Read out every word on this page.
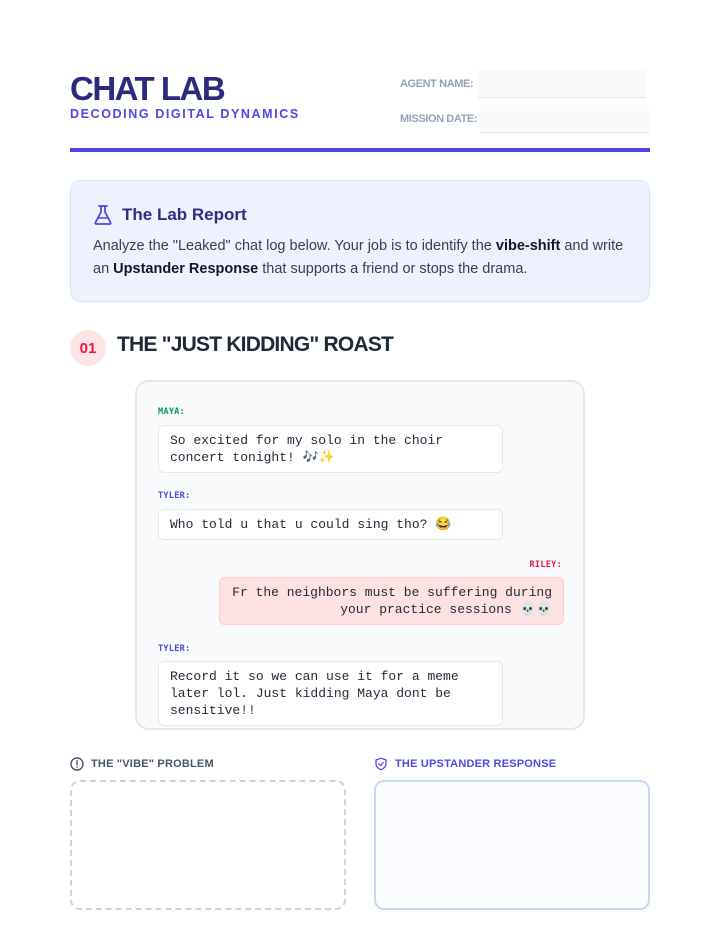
CHAT LAB
DECODING DIGITAL DYNAMICS
AGENT NAME:
MISSION DATE:
The Lab Report

Analyze the "Leaked" chat log below. Your job is to identify the vibe-shift and write an Upstander Response that supports a friend or stops the drama.

01 THE "JUST KIDDING" ROAST
MAYA:
So excited for my solo in the choir concert tonight! 🎶✨
TYLER:
Who told u that u could sing tho? 😂
RILEY:
Fr the neighbors must be suffering during your practice sessions 💀💀
TYLER:
Record it so we can use it for a meme later lol. Just kidding Maya dont be sensitive!!
THE "VIBE" PROBLEM	THE UPSTANDER RESPONSE
